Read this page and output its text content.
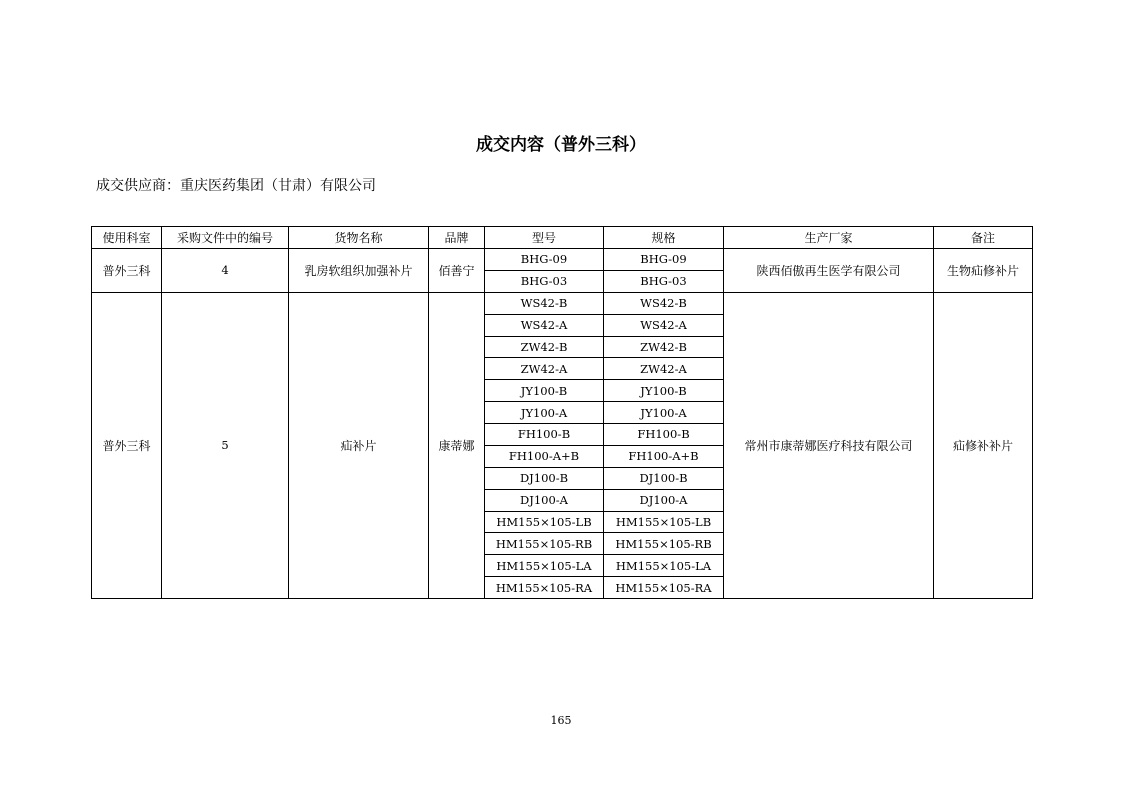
成交内容（普外三科）
成交供应商：重庆医药集团（甘肃）有限公司
使用科室	采购文件中的编号	货物名称	品牌	型号	规格	生产厂家	备注
普外三科	4	乳房软组织加强补片	佰善宁	BHG-09	BHG-09	陕西佰傲再生医学有限公司	生物疝修补片
				BHG-03	BHG-03		
普外三科	5	疝补片	康蒂娜	WS42-B	WS42-B	常州市康蒂娜医疗科技有限公司	疝修补补片
				WS42-A	WS42-A		
				ZW42-B	ZW42-B		
				ZW42-A	ZW42-A		
				JY100-B	JY100-B		
				JY100-A	JY100-A		
				FH100-B	FH100-B		
				FH100-A+B	FH100-A+B		
				DJ100-B	DJ100-B		
				DJ100-A	DJ100-A		
				HM155×105-LB	HM155×105-LB		
				HM155×105-RB	HM155×105-RB		
				HM155×105-LA	HM155×105-LA		
				HM155×105-RA	HM155×105-RA		
165
